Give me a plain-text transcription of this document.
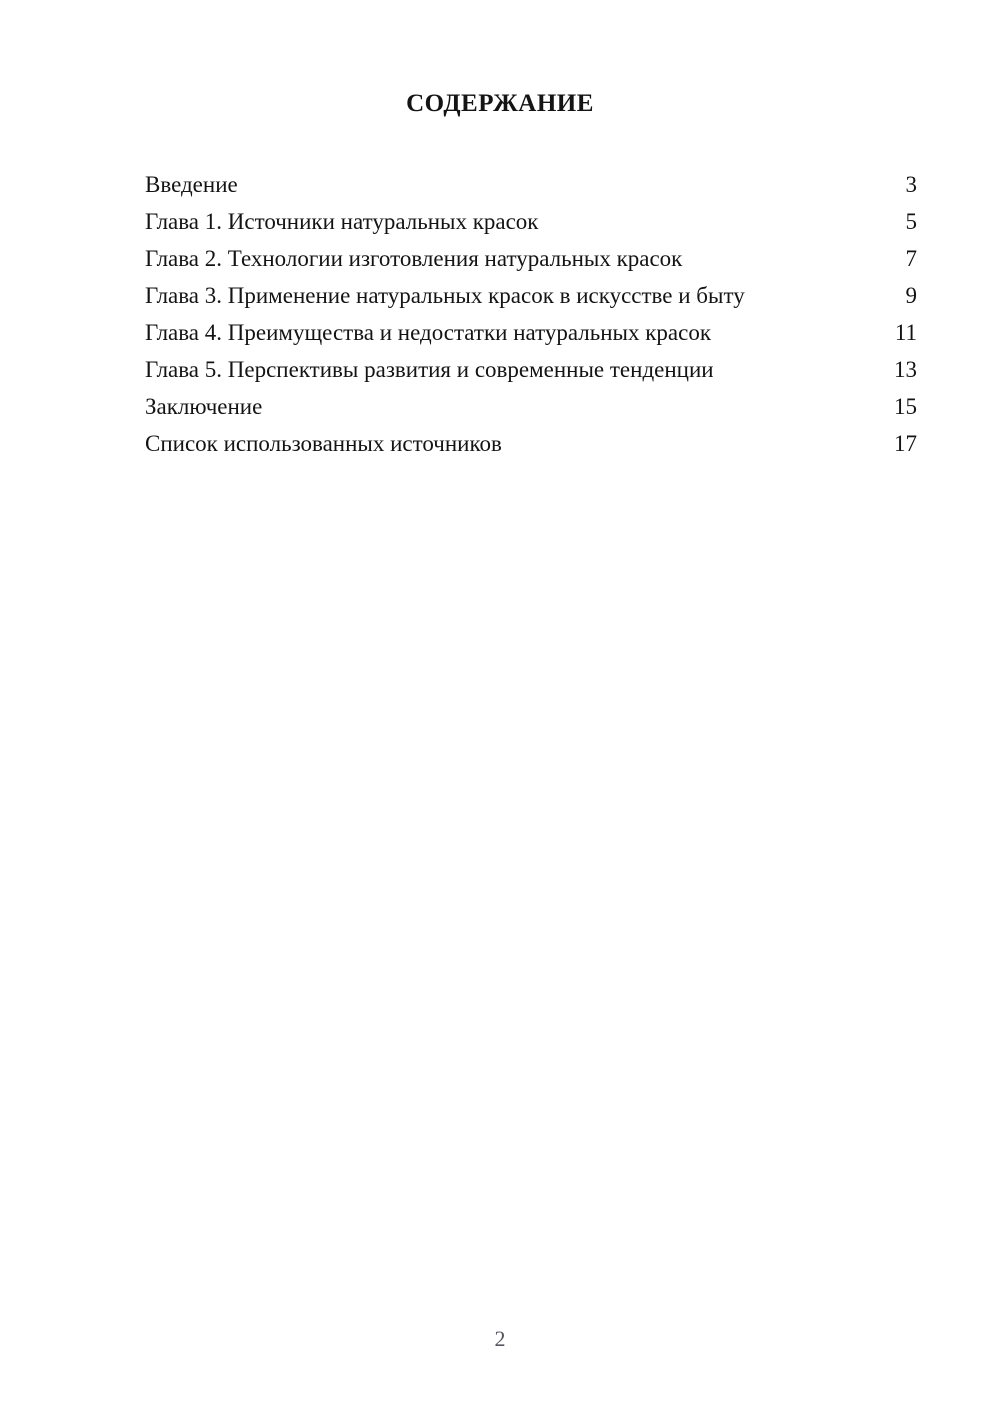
СОДЕРЖАНИЕ
Введение	3
Глава 1. Источники натуральных красок	5
Глава 2. Технологии изготовления натуральных красок	7
Глава 3. Применение натуральных красок в искусстве и быту	9
Глава 4. Преимущества и недостатки натуральных красок	11
Глава 5. Перспективы развития и современные тенденции	13
Заключение	15
Список использованных источников	17
2
